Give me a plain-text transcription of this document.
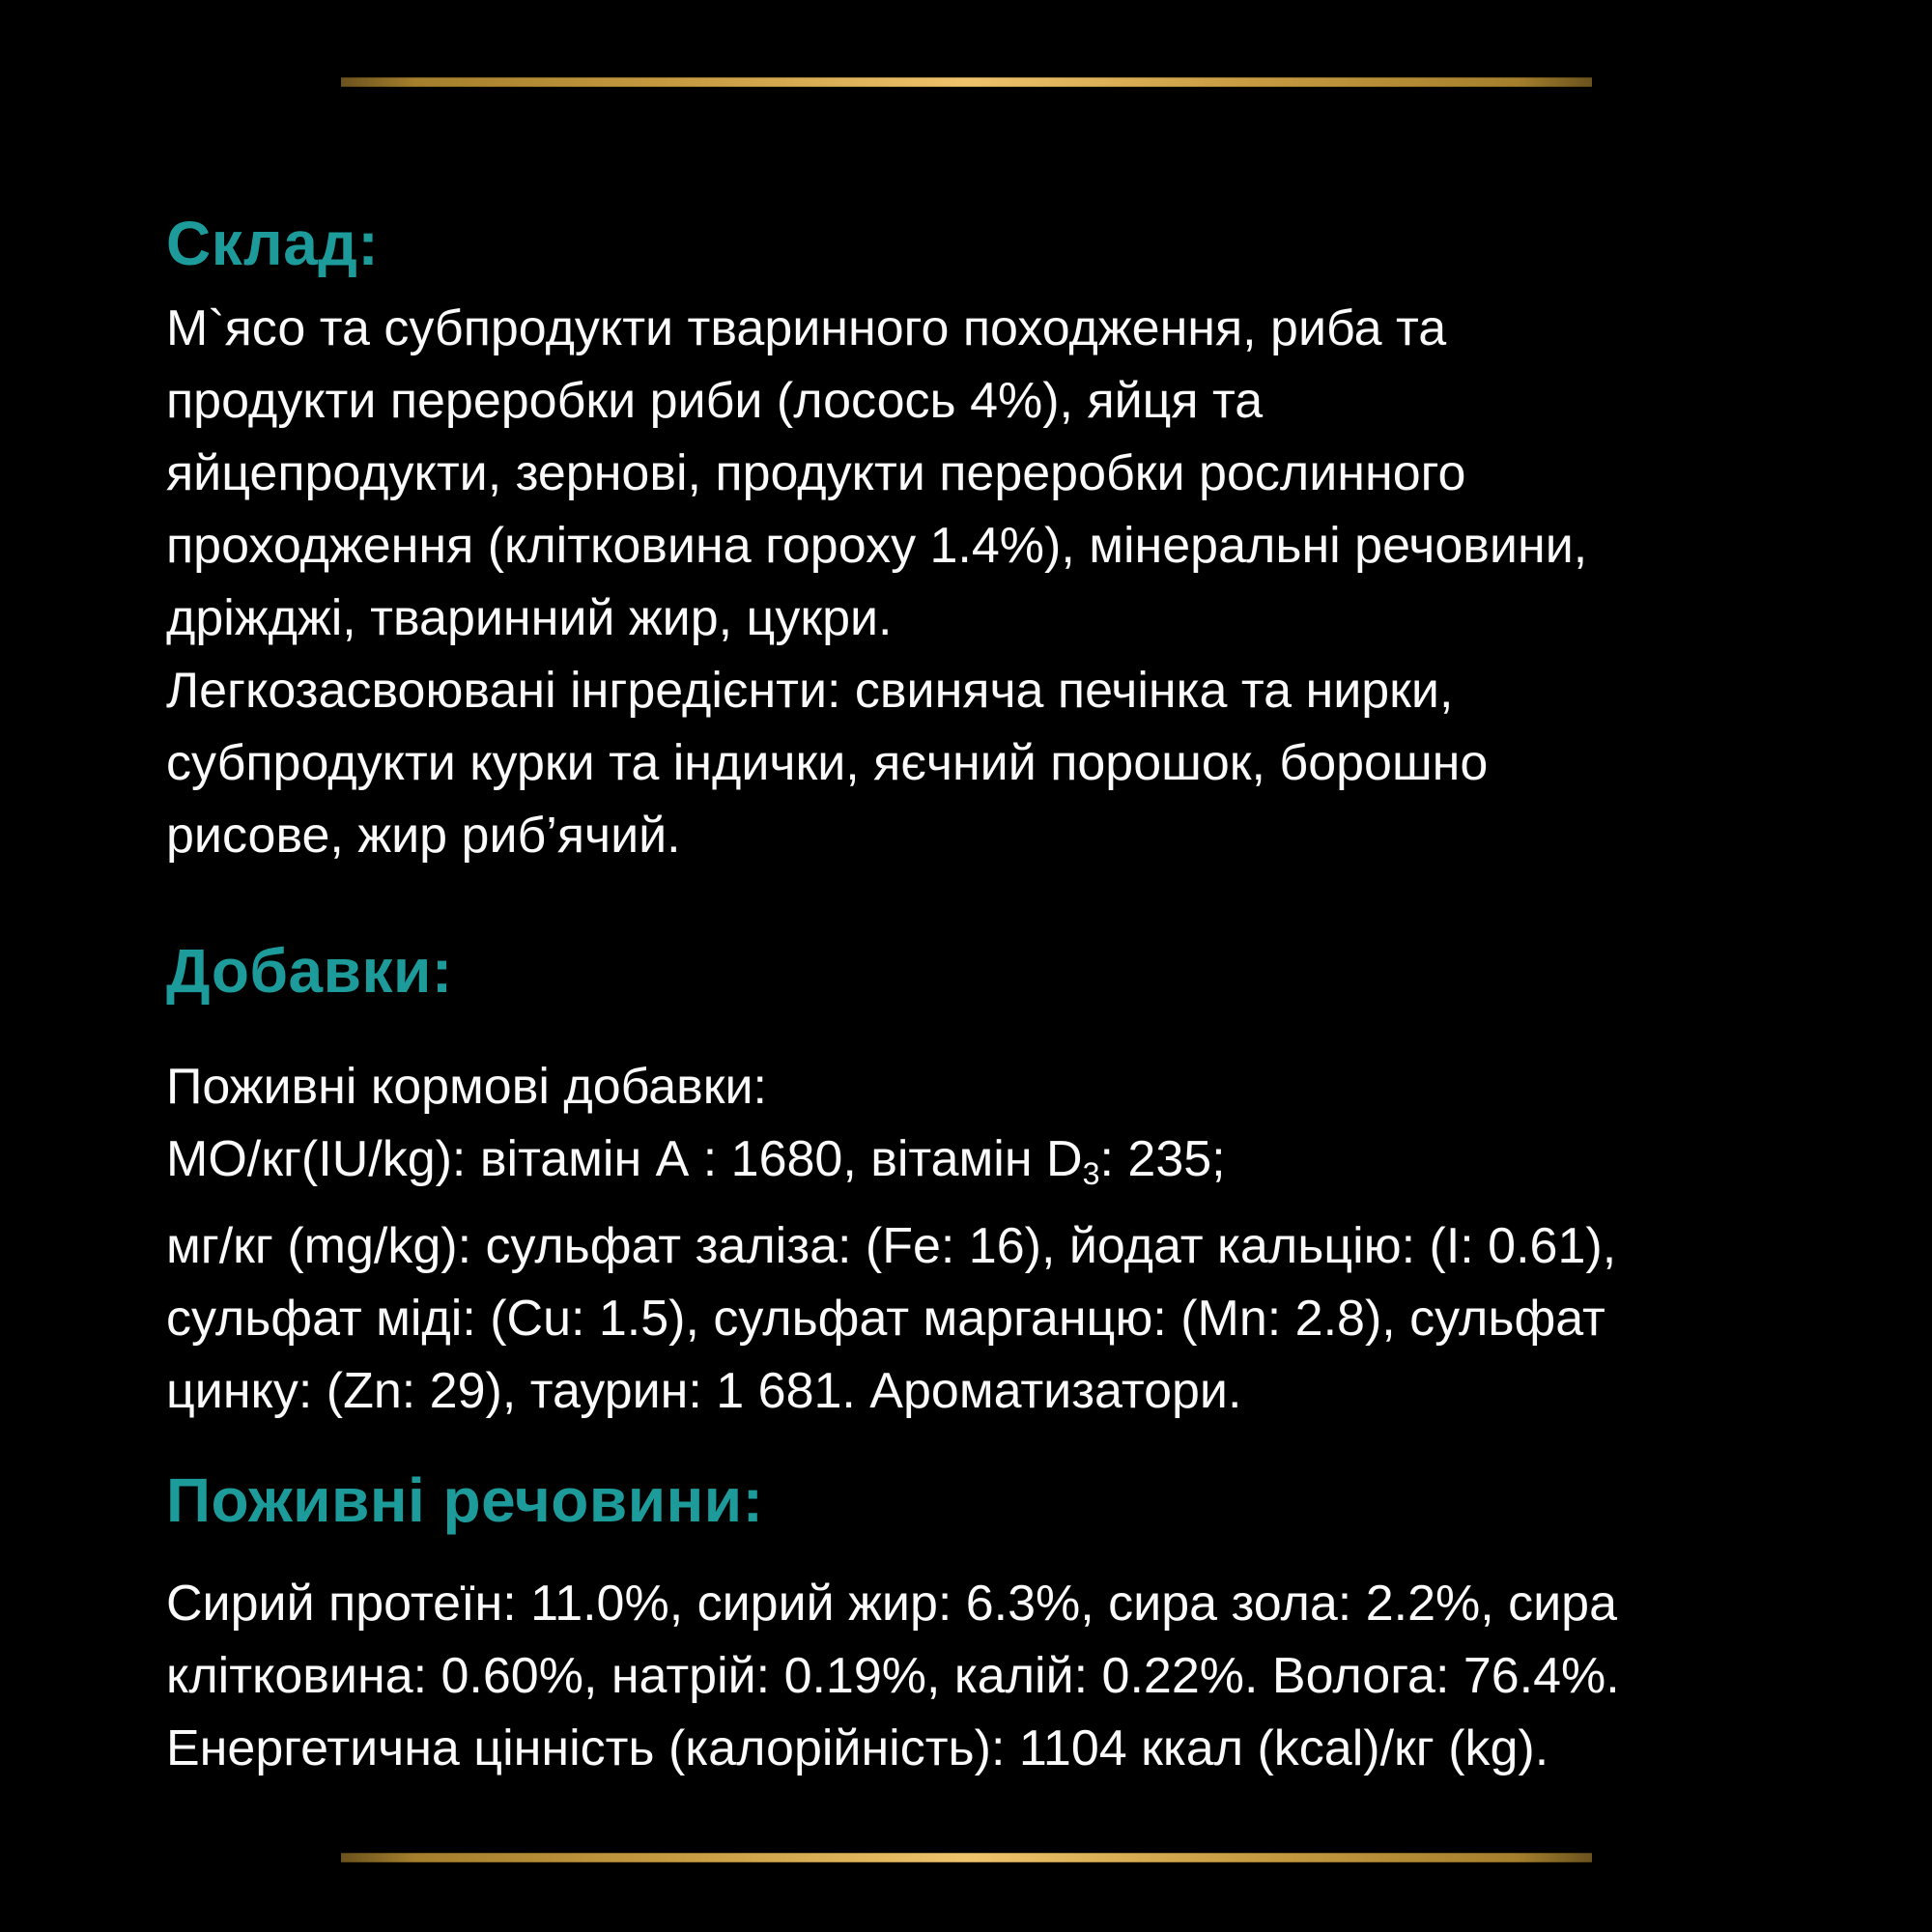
Склад:
М`ясо та субпродукти тваринного походження, риба та
продукти переробки риби (лосось 4%), яйця та
яйцепродукти, зернові, продукти переробки рослинного
проходження (клітковина гороху 1.4%), мінеральні речовини,
дріжджі, тваринний жир, цукри.
Легкозасвоювані інгредієнти: свиняча печінка та нирки,
субпродукти курки та індички, яєчний порошок, борошно
рисове, жир риб’ячий.
Добавки:
Поживні кормові добавки:
МО/кг(IU/kg): вітамін А : 1680, вітамін D3: 235;
мг/кг (mg/kg): сульфат заліза: (Fe: 16), йодат кальцію: (I: 0.61),
сульфат міді: (Cu: 1.5), сульфат марганцю: (Mn: 2.8), сульфат
цинку: (Zn: 29), таурин: 1 681. Ароматизатори.
Поживні речовини:
Сирий протеїн: 11.0%, сирий жир: 6.3%, сира зола: 2.2%, сира
клітковина: 0.60%, натрій: 0.19%, калій: 0.22%. Волога: 76.4%.
Енергетична цінність (калорійність): 1104 ккал (kcal)/кг (kg).
